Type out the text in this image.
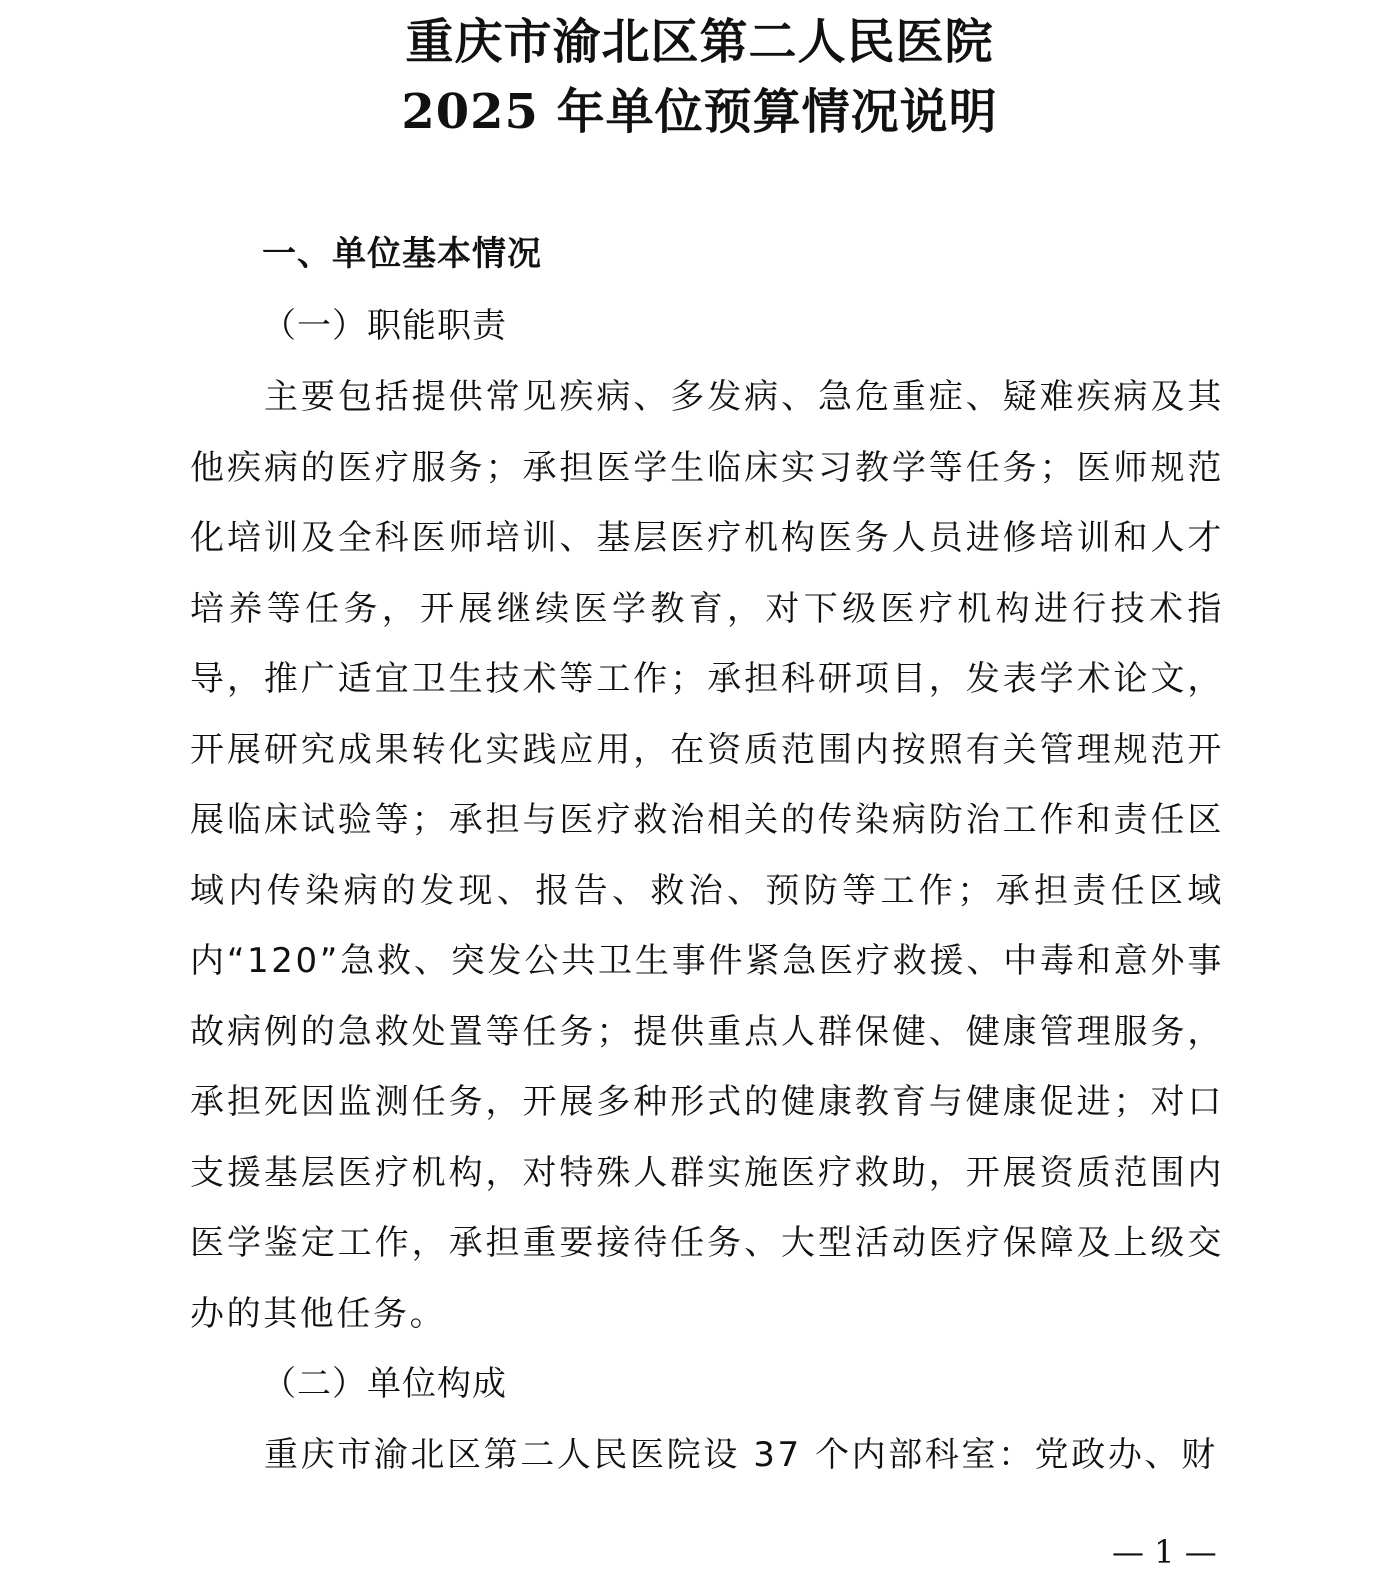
重庆市渝北区第二人民医院
2025 年单位预算情况说明
一、单位基本情况
（一）职能职责
主要包括提供常见疾病、多发病、急危重症、疑难疾病及其他疾病的医疗服务；承担医学生临床实习教学等任务；医师规范化培训及全科医师培训、基层医疗机构医务人员进修培训和人才培养等任务，开展继续医学教育，对下级医疗机构进行技术指导，推广适宜卫生技术等工作；承担科研项目，发表学术论文，开展研究成果转化实践应用，在资质范围内按照有关管理规范开展临床试验等；承担与医疗救治相关的传染病防治工作和责任区域内传染病的发现、报告、救治、预防等工作；承担责任区域内“120”急救、突发公共卫生事件紧急医疗救援、中毒和意外事故病例的急救处置等任务；提供重点人群保健、健康管理服务，承担死因监测任务，开展多种形式的健康教育与健康促进；对口支援基层医疗机构，对特殊人群实施医疗救助，开展资质范围内医学鉴定工作，承担重要接待任务、大型活动医疗保障及上级交办的其他任务。
（二）单位构成
重庆市渝北区第二人民医院设 37 个内部科室：党政办、财
— 1 —
